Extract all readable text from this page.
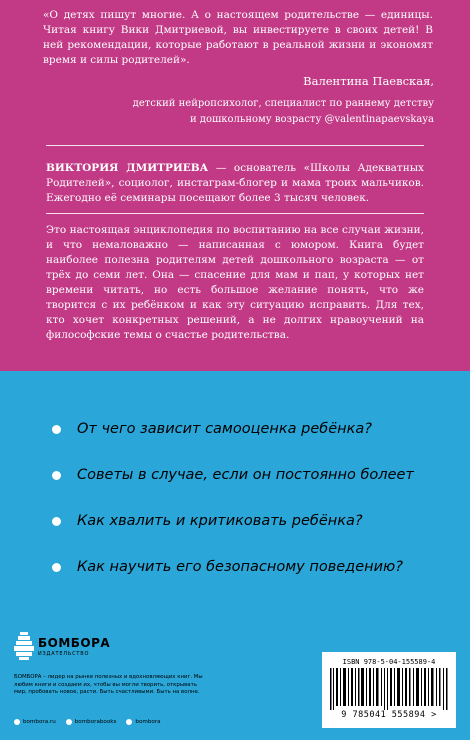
«О детях пишут многие. А о настоящем родительстве — единицы. Читая книгу Вики Дмитриевой, вы инвестируете в своих детей! В ней рекомендации, которые работают в реальной жизни и экономят время и силы родителей».
Валентина Паевская,
детский нейропсихолог, специалист по раннему детству
и дошкольному возрасту @valentinapaevskaya
ВИКТОРИЯ ДМИТРИЕВА — основатель «Школы Адекватных Родителей», социолог, инстаграм-блогер и мама троих мальчиков. Ежегодно её семинары посещают более 3 тысяч человек.
Это настоящая энциклопедия по воспитанию на все случаи жизни, и что немаловажно — написанная с юмором. Книга будет наиболее полезна родителям детей дошкольного возраста — от трёх до семи лет. Она — спасение для мам и пап, у которых нет времени читать, но есть большое желание понять, что же творится с их ребёнком и как эту ситуацию исправить. Для тех, кто хочет конкретных решений, а не долгих нравоучений на философские темы о счастье родительства.
От чего зависит самооценка ребёнка?
Советы в случае, если он постоянно болеет
Как хвалить и критиковать ребёнка?
Как научить его безопасному поведению?
БОМБОРА
ИЗДАТЕЛЬСТВО
БОМБОРА – лидер на рынке полезных и вдохновляющих книг. Мы любим книги и создаем их, чтобы вы могли творить, открывать мир, пробовать новое, расти. Быть счастливыми. Быть на волне.
bombora.ru	bomborabooks	bombora
ISBN 978-5-04-155589-4
9 785041 555894 >
